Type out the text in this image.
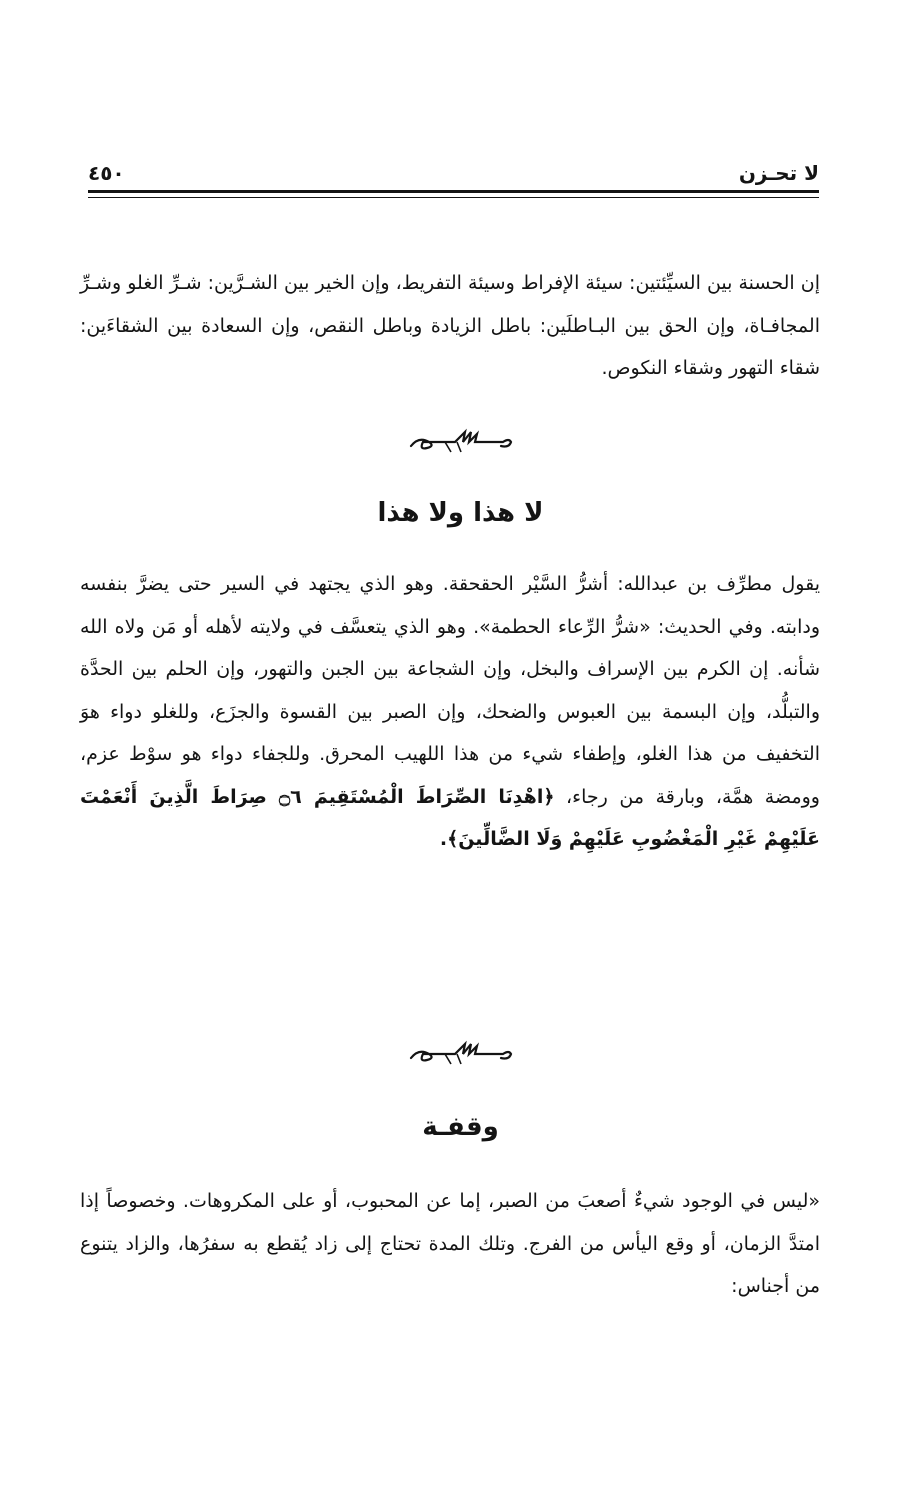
٤٥٠	لا تحـزن

إن الحسنة بين السيِّئتين: سيئة الإفراط وسيئة التفريط، وإن الخير بين الشـرَّين: شـرِّ الغلو وشـرِّ المجافـاة، وإن الحق بين البـاطلَين: باطل الزيادة وباطل النقص، وإن السعادة بين الشقاءَين: شقاء التهور وشقاء النكوص.

لا هذا ولا هذا

يقول مطرِّف بن عبدالله: أشرُّ السَّيْر الحقحقة. وهو الذي يجتهد في السير حتى يضرَّ بنفسه ودابته. وفي الحديث: «شرُّ الرِّعاء الحطمة». وهو الذي يتعسَّف في ولايته لأهله أو مَن ولاه الله شأنه. إن الكرم بين الإسراف والبخل، وإن الشجاعة بين الجبن والتهور، وإن الحلم بين الحدَّة والتبلُّد، وإن البسمة بين العبوس والضحك، وإن الصبر بين القسوة والجزَع، وللغلو دواء هوَ التخفيف من هذا الغلو، وإطفاء شيء من هذا اللهيب المحرق. وللجفاء دواء هو سوْط عزم، وومضة همَّة، وبارقة من رجاء، ﴿اهْدِنَا الصِّرَاطَ الْمُسْتَقِيمَ ۝٦ صِرَاطَ الَّذِينَ أَنْعَمْتَ عَلَيْهِمْ غَيْرِ الْمَغْضُوبِ عَلَيْهِمْ وَلَا الضَّالِّينَ﴾.

وقفـة

«ليس في الوجود شيءٌ أصعبَ من الصبر، إما عن المحبوب، أو على المكروهات. وخصوصاً إذا امتدَّ الزمان، أو وقع اليأس من الفرج. وتلك المدة تحتاج إلى زاد يُقطع به سفرُها، والزاد يتنوع من أجناس:
